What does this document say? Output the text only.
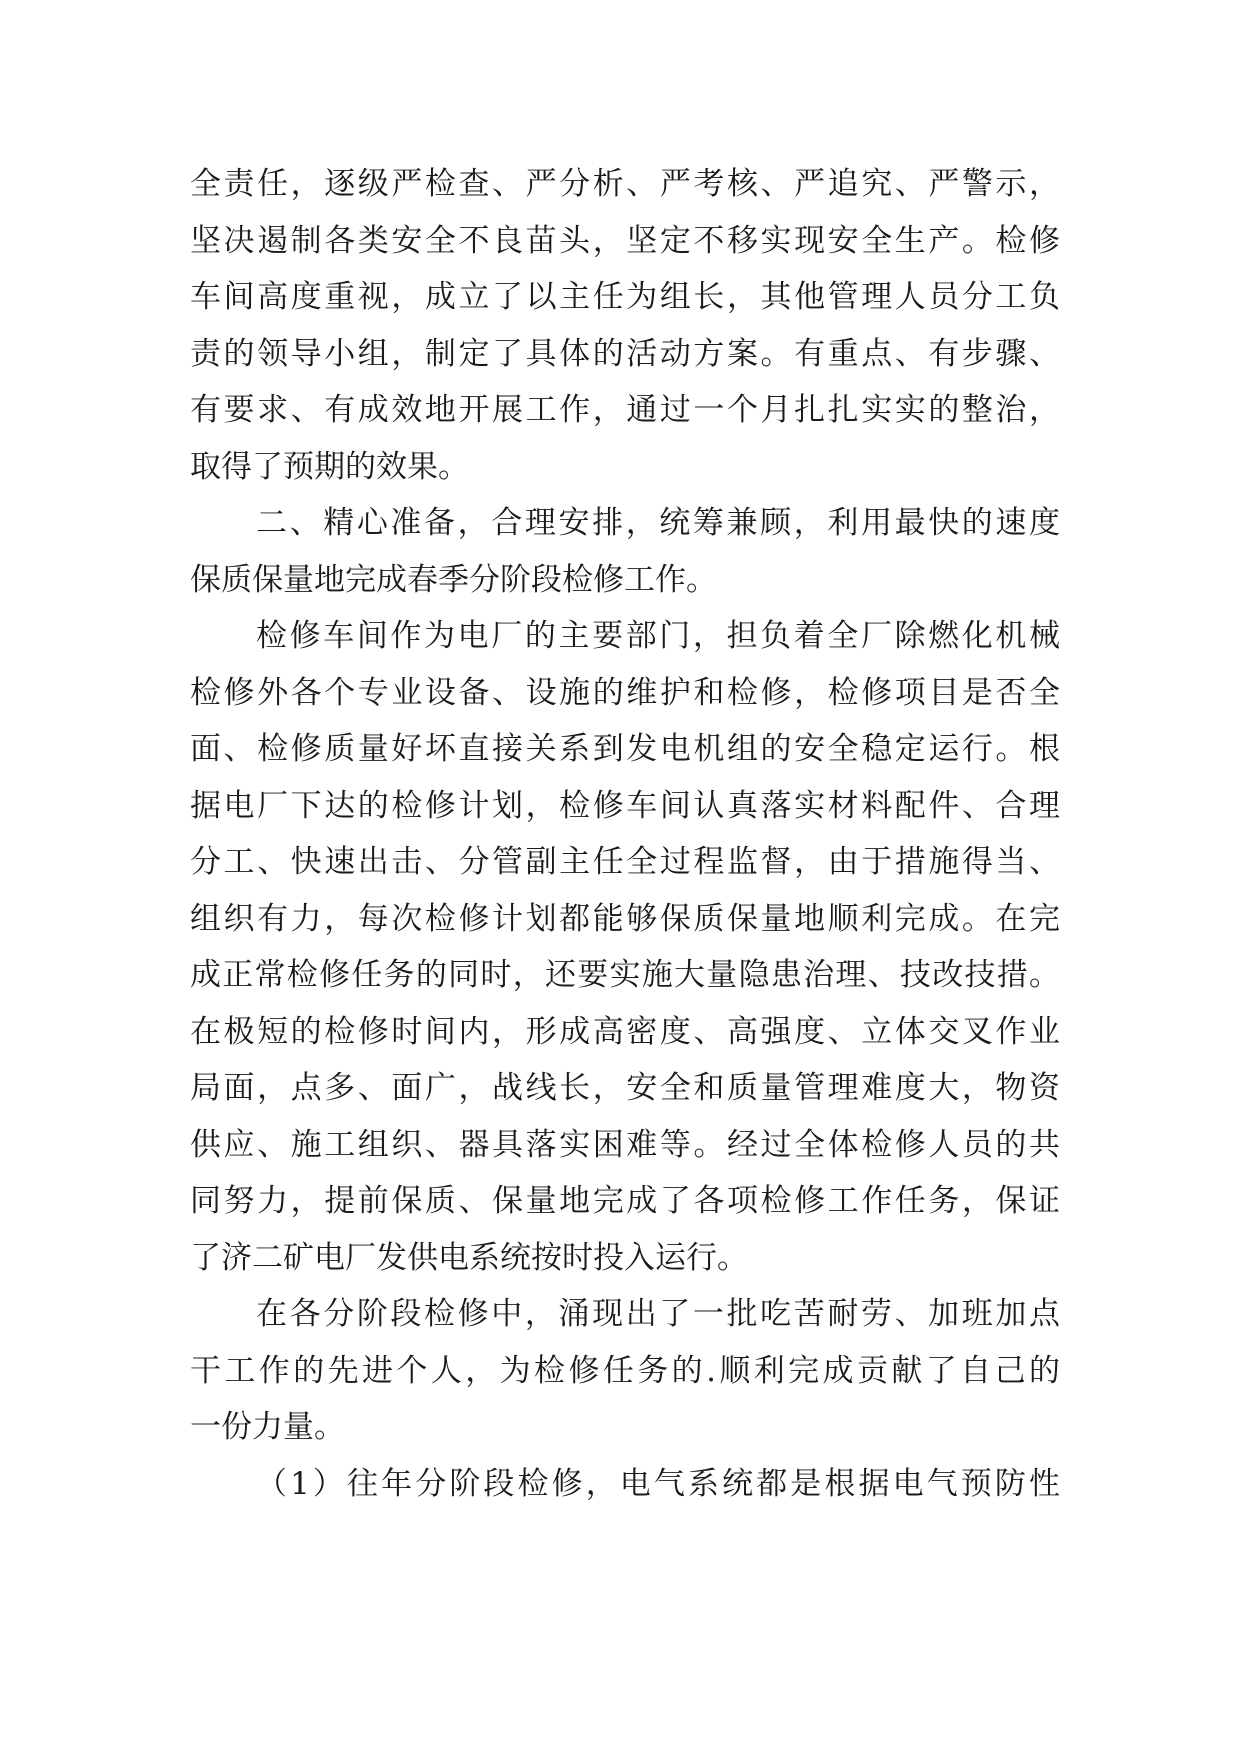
全责任，逐级严检查、严分析、严考核、严追究、严警示，
坚决遏制各类安全不良苗头，坚定不移实现安全生产。检修
车间高度重视，成立了以主任为组长，其他管理人员分工负
责的领导小组，制定了具体的活动方案。有重点、有步骤、
有要求、有成效地开展工作，通过一个月扎扎实实的整治，
取得了预期的效果。
二、精心准备，合理安排，统筹兼顾，利用最快的速度
保质保量地完成春季分阶段检修工作。
检修车间作为电厂的主要部门，担负着全厂除燃化机械
检修外各个专业设备、设施的维护和检修，检修项目是否全
面、检修质量好坏直接关系到发电机组的安全稳定运行。根
据电厂下达的检修计划，检修车间认真落实材料配件、合理
分工、快速出击、分管副主任全过程监督，由于措施得当、
组织有力，每次检修计划都能够保质保量地顺利完成。在完
成正常检修任务的同时，还要实施大量隐患治理、技改技措。
在极短的检修时间内，形成高密度、高强度、立体交叉作业
局面，点多、面广，战线长，安全和质量管理难度大，物资
供应、施工组织、器具落实困难等。经过全体检修人员的共
同努力，提前保质、保量地完成了各项检修工作任务，保证
了济二矿电厂发供电系统按时投入运行。
在各分阶段检修中，涌现出了一批吃苦耐劳、加班加点
干工作的先进个人，为检修任务的.顺利完成贡献了自己的
一份力量。
（1）往年分阶段检修，电气系统都是根据电气预防性
